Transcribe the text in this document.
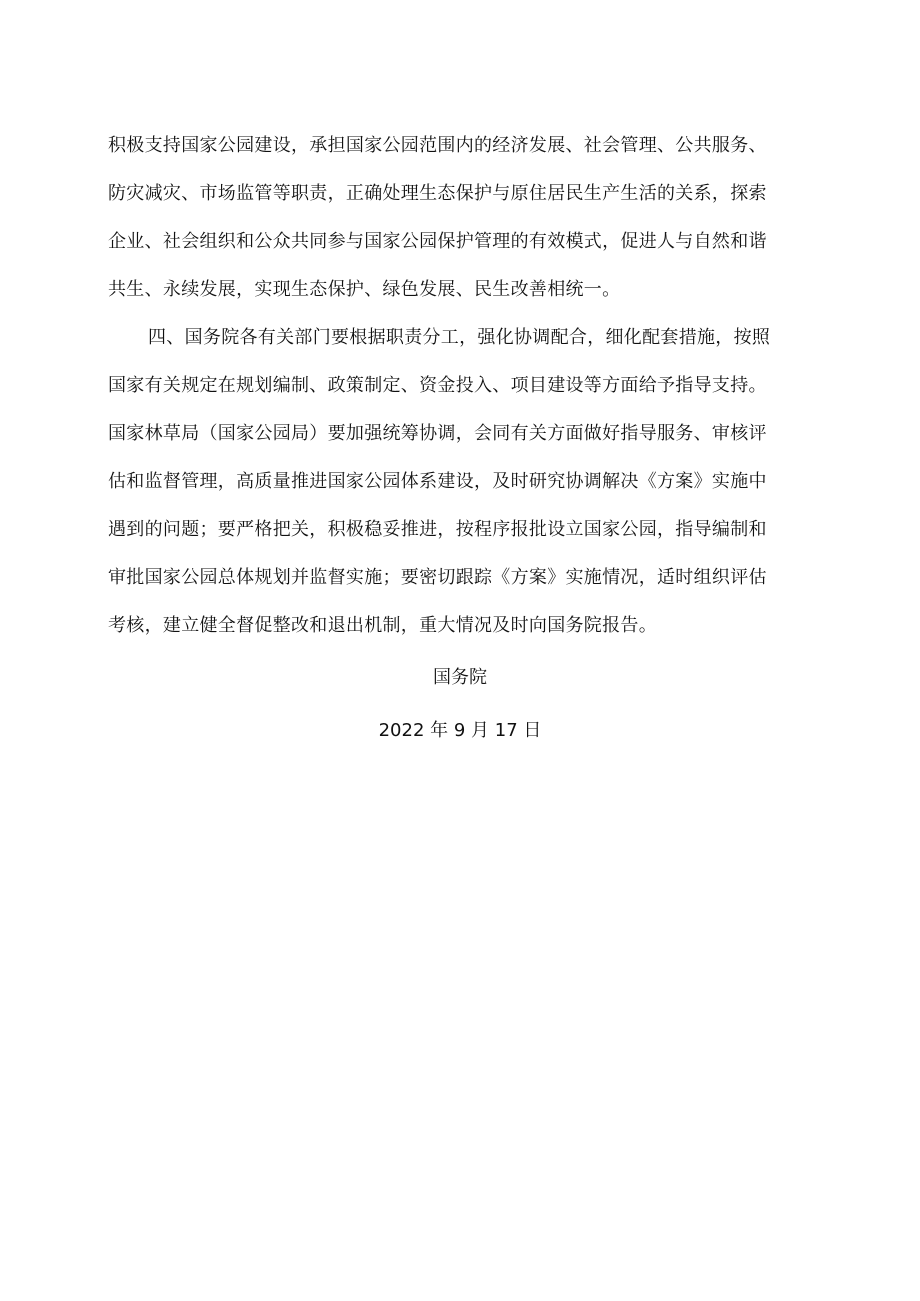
积极支持国家公园建设，承担国家公园范围内的经济发展、社会管理、公共服务、
防灾减灾、市场监管等职责，正确处理生态保护与原住居民生产生活的关系，探索
企业、社会组织和公众共同参与国家公园保护管理的有效模式，促进人与自然和谐
共生、永续发展，实现生态保护、绿色发展、民生改善相统一。
四、国务院各有关部门要根据职责分工，强化协调配合，细化配套措施，按照
国家有关规定在规划编制、政策制定、资金投入、项目建设等方面给予指导支持。
国家林草局（国家公园局）要加强统筹协调，会同有关方面做好指导服务、审核评
估和监督管理，高质量推进国家公园体系建设，及时研究协调解决《方案》实施中
遇到的问题；要严格把关，积极稳妥推进，按程序报批设立国家公园，指导编制和
审批国家公园总体规划并监督实施；要密切跟踪《方案》实施情况，适时组织评估
考核，建立健全督促整改和退出机制，重大情况及时向国务院报告。
国务院
2022 年 9 月 17 日
